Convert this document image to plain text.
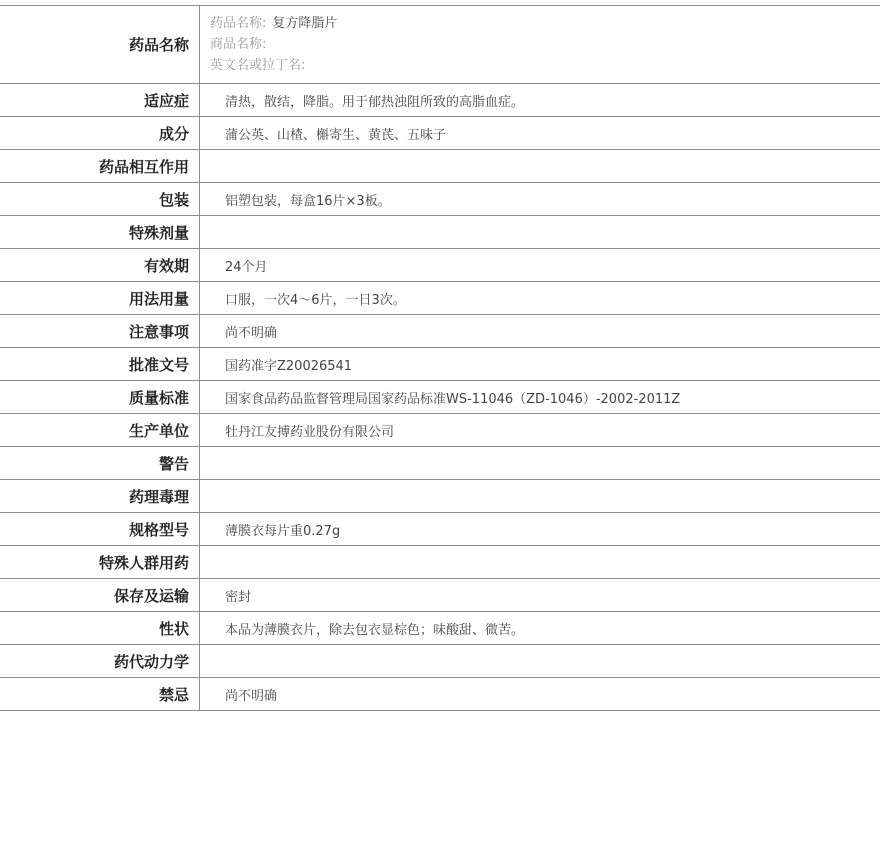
药品名称
药品名称: 复方降脂片
商品名称:
英文名或拉丁名:
适应症	清热，散结，降脂。用于郁热浊阻所致的高脂血症。
成分	蒲公英、山楂、槲寄生、黄芪、五味子
药品相互作用
包装	铝塑包装，每盒16片×3板。
特殊剂量
有效期	24个月
用法用量	口服，一次4～6片，一日3次。
注意事项	尚不明确
批准文号	国药准字Z20026541
质量标准	国家食品药品监督管理局国家药品标准WS-11046（ZD-1046）-2002-2011Z
生产单位	牡丹江友搏药业股份有限公司
警告
药理毒理
规格型号	薄膜衣每片重0.27g
特殊人群用药
保存及运输	密封
性状	本品为薄膜衣片，除去包衣显棕色；味酸甜、微苦。
药代动力学
禁忌	尚不明确
